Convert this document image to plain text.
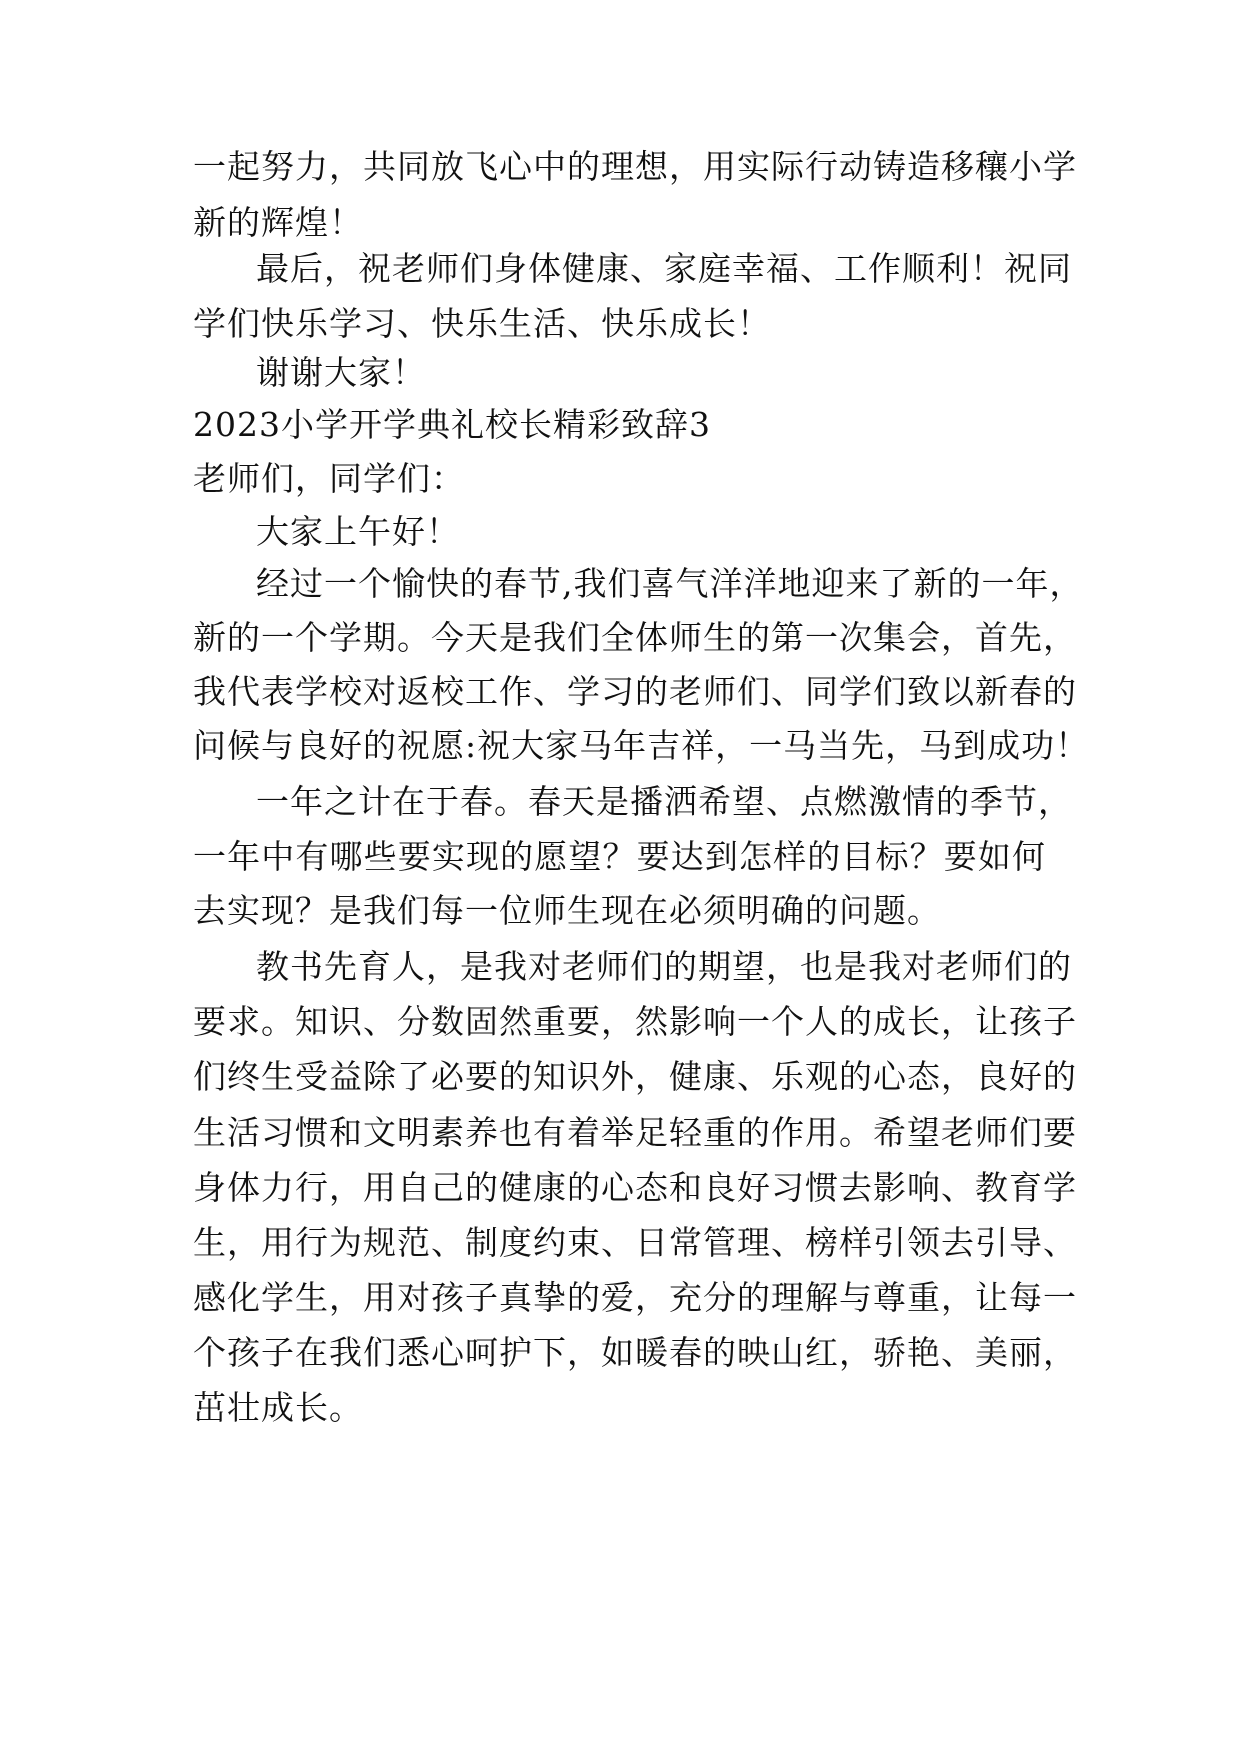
一起努力，共同放飞心中的理想，用实际行动铸造移穰小学
新的辉煌！
最后，祝老师们身体健康、家庭幸福、工作顺利！祝同
学们快乐学习、快乐生活、快乐成长！
谢谢大家！
2023小学开学典礼校长精彩致辞3
老师们，同学们：
大家上午好！
经过一个愉快的春节,我们喜气洋洋地迎来了新的一年，
新的一个学期。今天是我们全体师生的第一次集会，首先，
我代表学校对返校工作、学习的老师们、同学们致以新春的
问候与良好的祝愿:祝大家马年吉祥，一马当先，马到成功！
一年之计在于春。春天是播洒希望、点燃激情的季节，
一年中有哪些要实现的愿望？要达到怎样的目标？要如何
去实现？是我们每一位师生现在必须明确的问题。
教书先育人，是我对老师们的期望，也是我对老师们的
要求。知识、分数固然重要，然影响一个人的成长，让孩子
们终生受益除了必要的知识外，健康、乐观的心态，良好的
生活习惯和文明素养也有着举足轻重的作用。希望老师们要
身体力行，用自己的健康的心态和良好习惯去影响、教育学
生，用行为规范、制度约束、日常管理、榜样引领去引导、
感化学生，用对孩子真挚的爱，充分的理解与尊重，让每一
个孩子在我们悉心呵护下，如暖春的映山红，骄艳、美丽，
茁壮成长。
